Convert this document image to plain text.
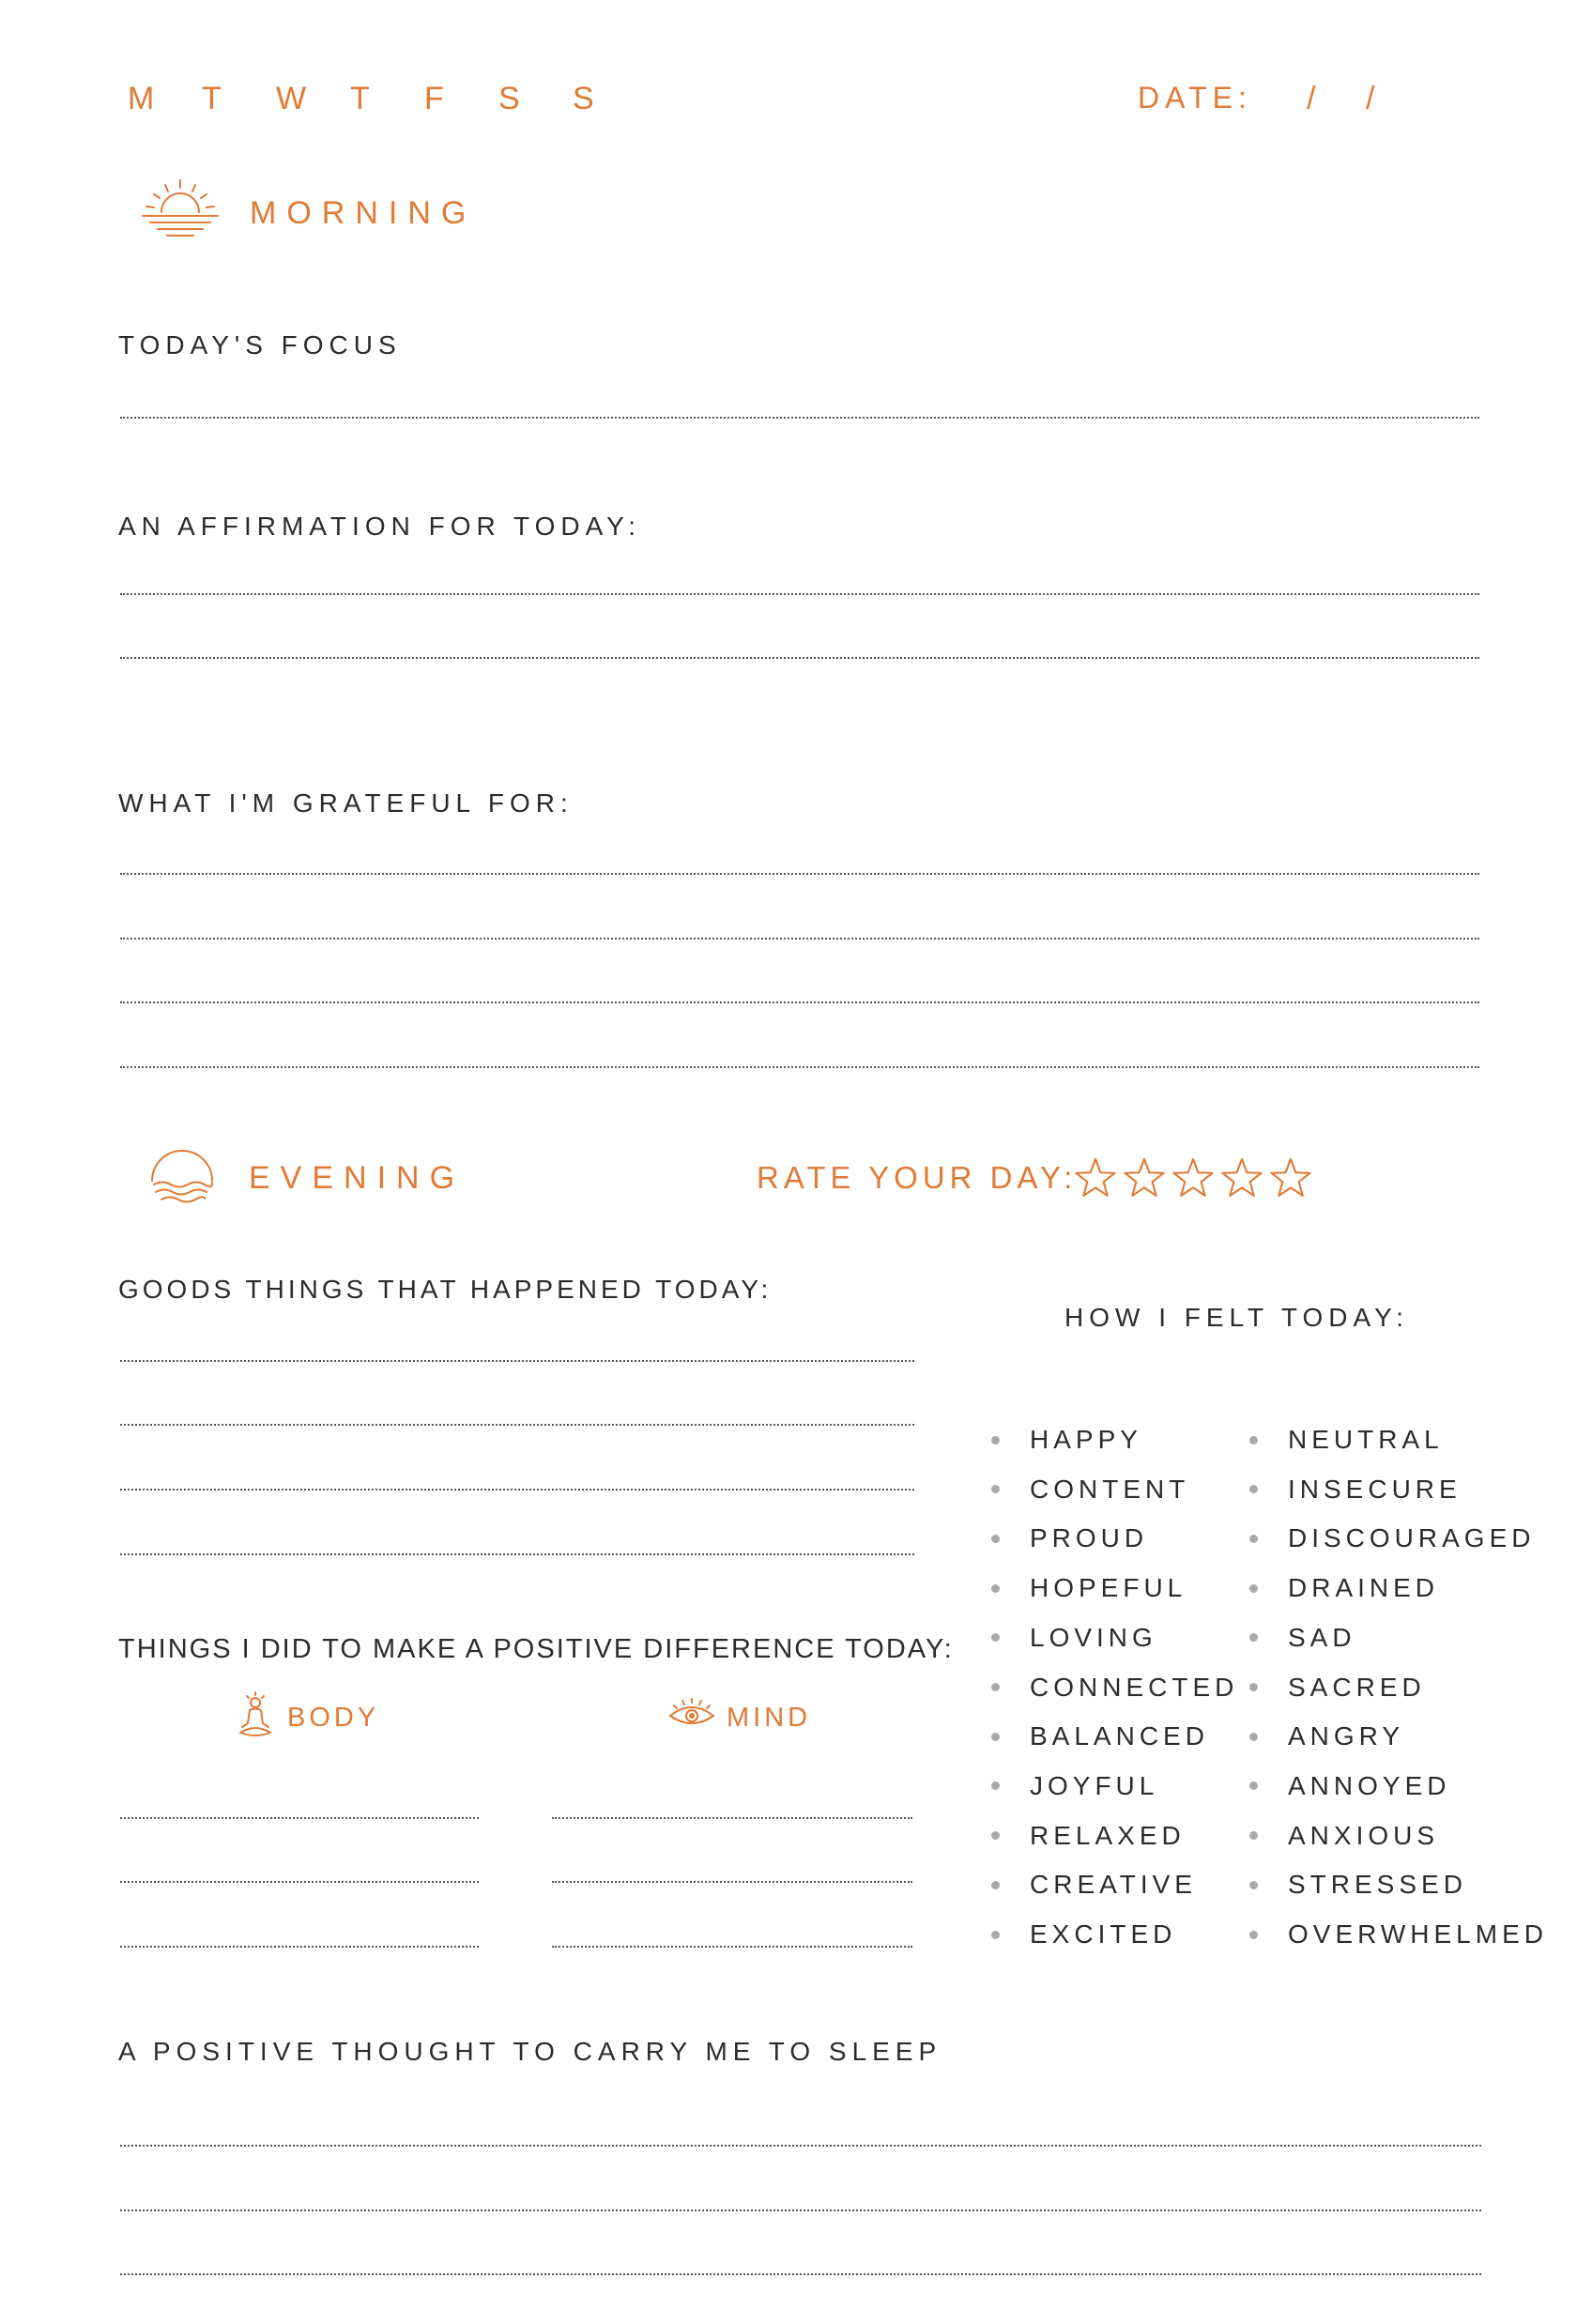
M	T	W	T	F	S	S	DATE: / /
MORNING
TODAY'S FOCUS
AN AFFIRMATION FOR TODAY:
WHAT I'M GRATEFUL FOR:
EVENING	RATE YOUR DAY:
GOODS THINGS THAT HAPPENED TODAY:
THINGS I DID TO MAKE A POSITIVE DIFFERENCE TODAY:
BODY	MIND
HOW I FELT TODAY:
HAPPY
CONTENT
PROUD
HOPEFUL
LOVING
CONNECTED
BALANCED
JOYFUL
RELAXED
CREATIVE
EXCITED
NEUTRAL
INSECURE
DISCOURAGED
DRAINED
SAD
SACRED
ANGRY
ANNOYED
ANXIOUS
STRESSED
OVERWHELMED
A POSITIVE THOUGHT TO CARRY ME TO SLEEP
